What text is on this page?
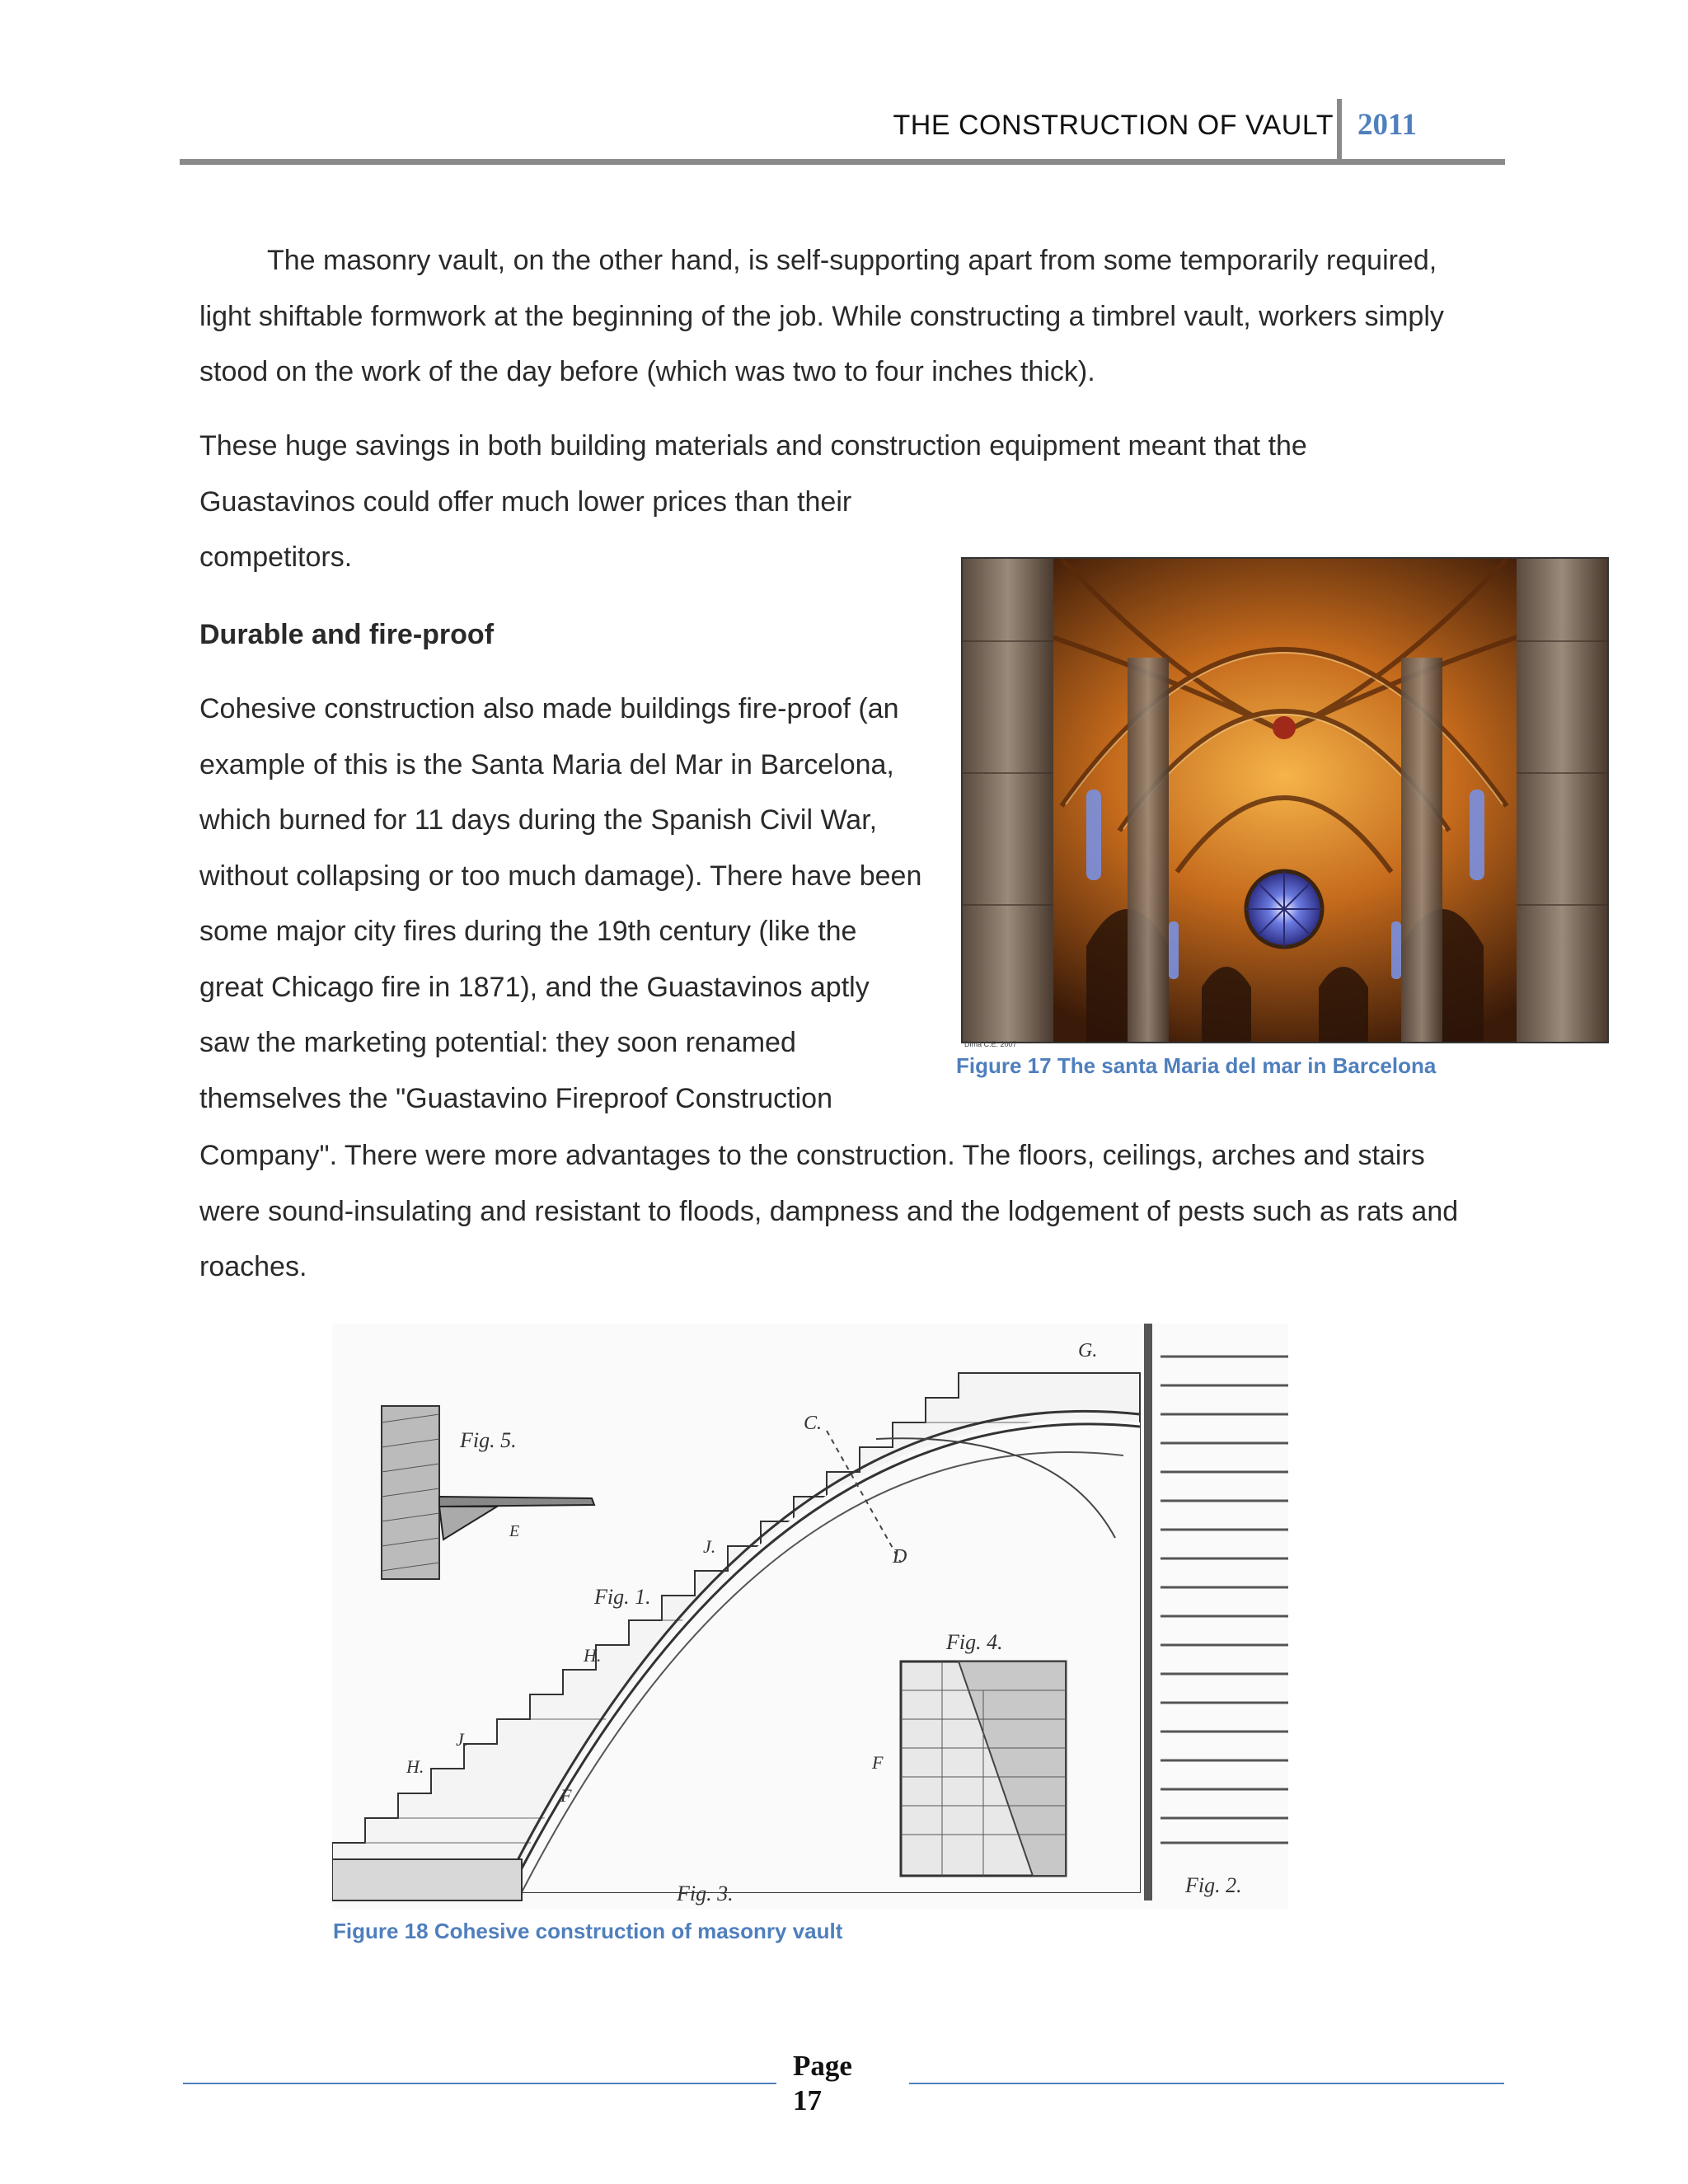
THE CONSTRUCTION OF VAULT 2011

The masonry vault, on the other hand, is self-supporting apart from some temporarily required, light shiftable formwork at the beginning of the job. While constructing a timbrel vault, workers simply stood on the work of the day before (which was two to four inches thick).

These huge savings in both building materials and construction equipment meant that the
Guastavinos could offer much lower prices than their
competitors.

Durable and fire-proof

Cohesive construction also made buildings fire-proof (an example of this is the Santa Maria del Mar in Barcelona, which burned for 11 days during the Spanish Civil War, without collapsing or too much damage). There have been some major city fires during the 19th century (like the great Chicago fire in 1871), and the Guastavinos aptly saw the marketing potential: they soon renamed themselves the "Guastavino Fireproof Construction

Company". There were more advantages to the construction. The floors, ceilings, arches and stairs were sound-insulating and resistant to floods, dampness and the lodgement of pests such as rats and roaches.

Dima C.E. 2007
Figure 17 The santa Maria del mar in Barcelona
Fig. 5.
E
Fig. 4.
Fig. 1.
Fig. 3.	Fig. 2.
G.
C.
D
J.
H.
J.
H.
F
F
Figure 18 Cohesive construction of masonry vault
Page
17
